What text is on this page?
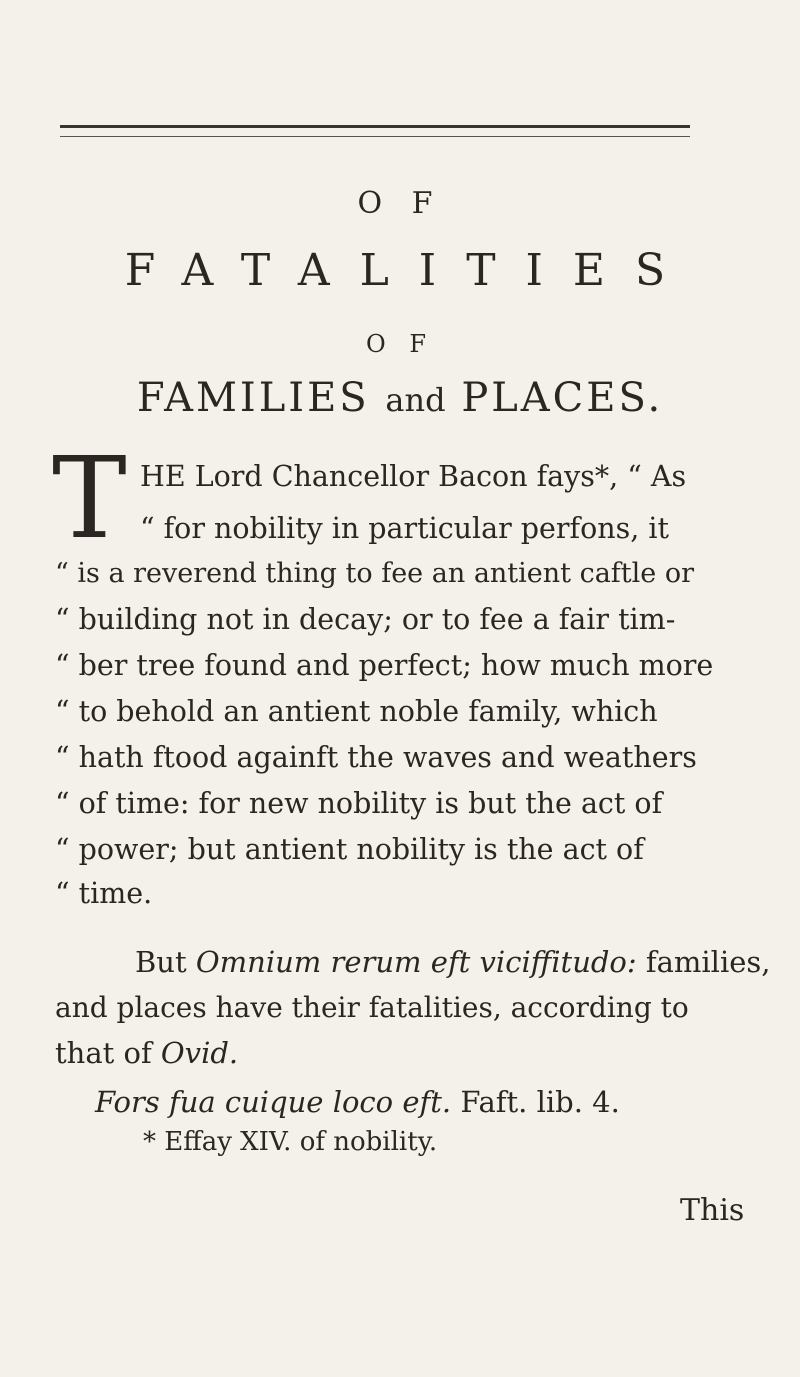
O F
FATALITIES
O F
FAMILIES and PLACES.
T HE Lord Chancellor Bacon fays*, “ As
“ for nobility in particular perfons, it
“ is a reverend thing to fee an antient caftle or
“ building not in decay; or to fee a fair tim-
“ ber tree found and perfect; how much more
“ to behold an antient noble family, which
“ hath ftood againft the waves and weathers
“ of time: for new nobility is but the act of
“ power; but antient nobility is the act of
“ time.
But Omnium rerum eft viciffitudo: families,
and places have their fatalities, according to
that of Ovid.
Fors fua cuique loco eft. Faft. lib. 4.
* Effay XIV. of nobility.
This
